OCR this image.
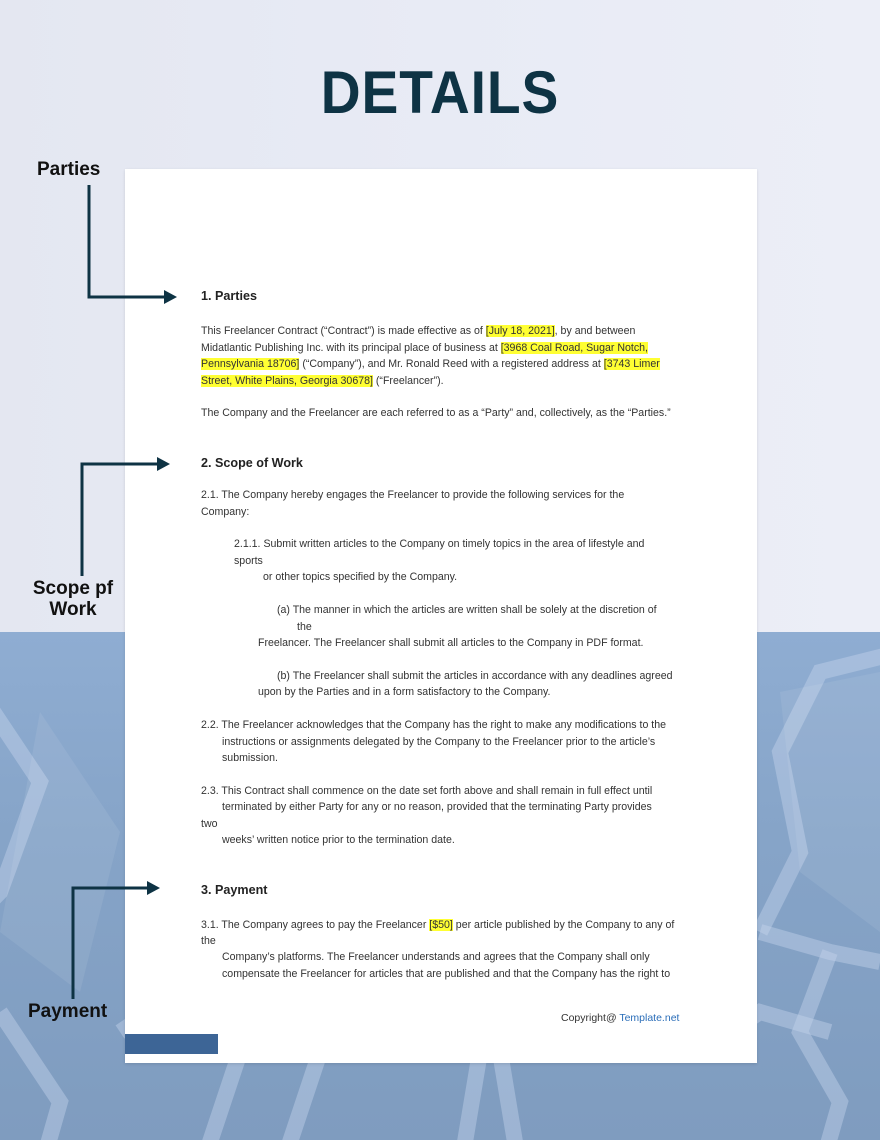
DETAILS
Parties
Scope pf
Work
Payment
1. Parties
This Freelancer Contract (“Contract”) is made effective as of [July 18, 2021], by and between
Midatlantic Publishing Inc. with its principal place of business at [3968 Coal Road, Sugar Notch,
Pennsylvania 18706] (“Company”), and Mr. Ronald Reed with a registered address at [3743 Limer
Street, White Plains, Georgia 30678] (“Freelancer”).
The Company and the Freelancer are each referred to as a “Party” and, collectively, as the “Parties.”
2. Scope of Work
2.1. The Company hereby engages the Freelancer to provide the following services for the
Company:
2.1.1. Submit written articles to the Company on timely topics in the area of lifestyle and
sports
or other topics specified by the Company.
(a) The manner in which the articles are written shall be solely at the discretion of
the
Freelancer. The Freelancer shall submit all articles to the Company in PDF format.
(b) The Freelancer shall submit the articles in accordance with any deadlines agreed
upon by the Parties and in a form satisfactory to the Company.
2.2. The Freelancer acknowledges that the Company has the right to make any modifications to the
instructions or assignments delegated by the Company to the Freelancer prior to the article’s
submission.
2.3. This Contract shall commence on the date set forth above and shall remain in full effect until
terminated by either Party for any or no reason, provided that the terminating Party provides
two
weeks’ written notice prior to the termination date.
3. Payment
3.1. The Company agrees to pay the Freelancer [$50] per article published by the Company to any of
the
Company’s platforms. The Freelancer understands and agrees that the Company shall only
compensate the Freelancer for articles that are published and that the Company has the right to
Copyright@ Template.net
